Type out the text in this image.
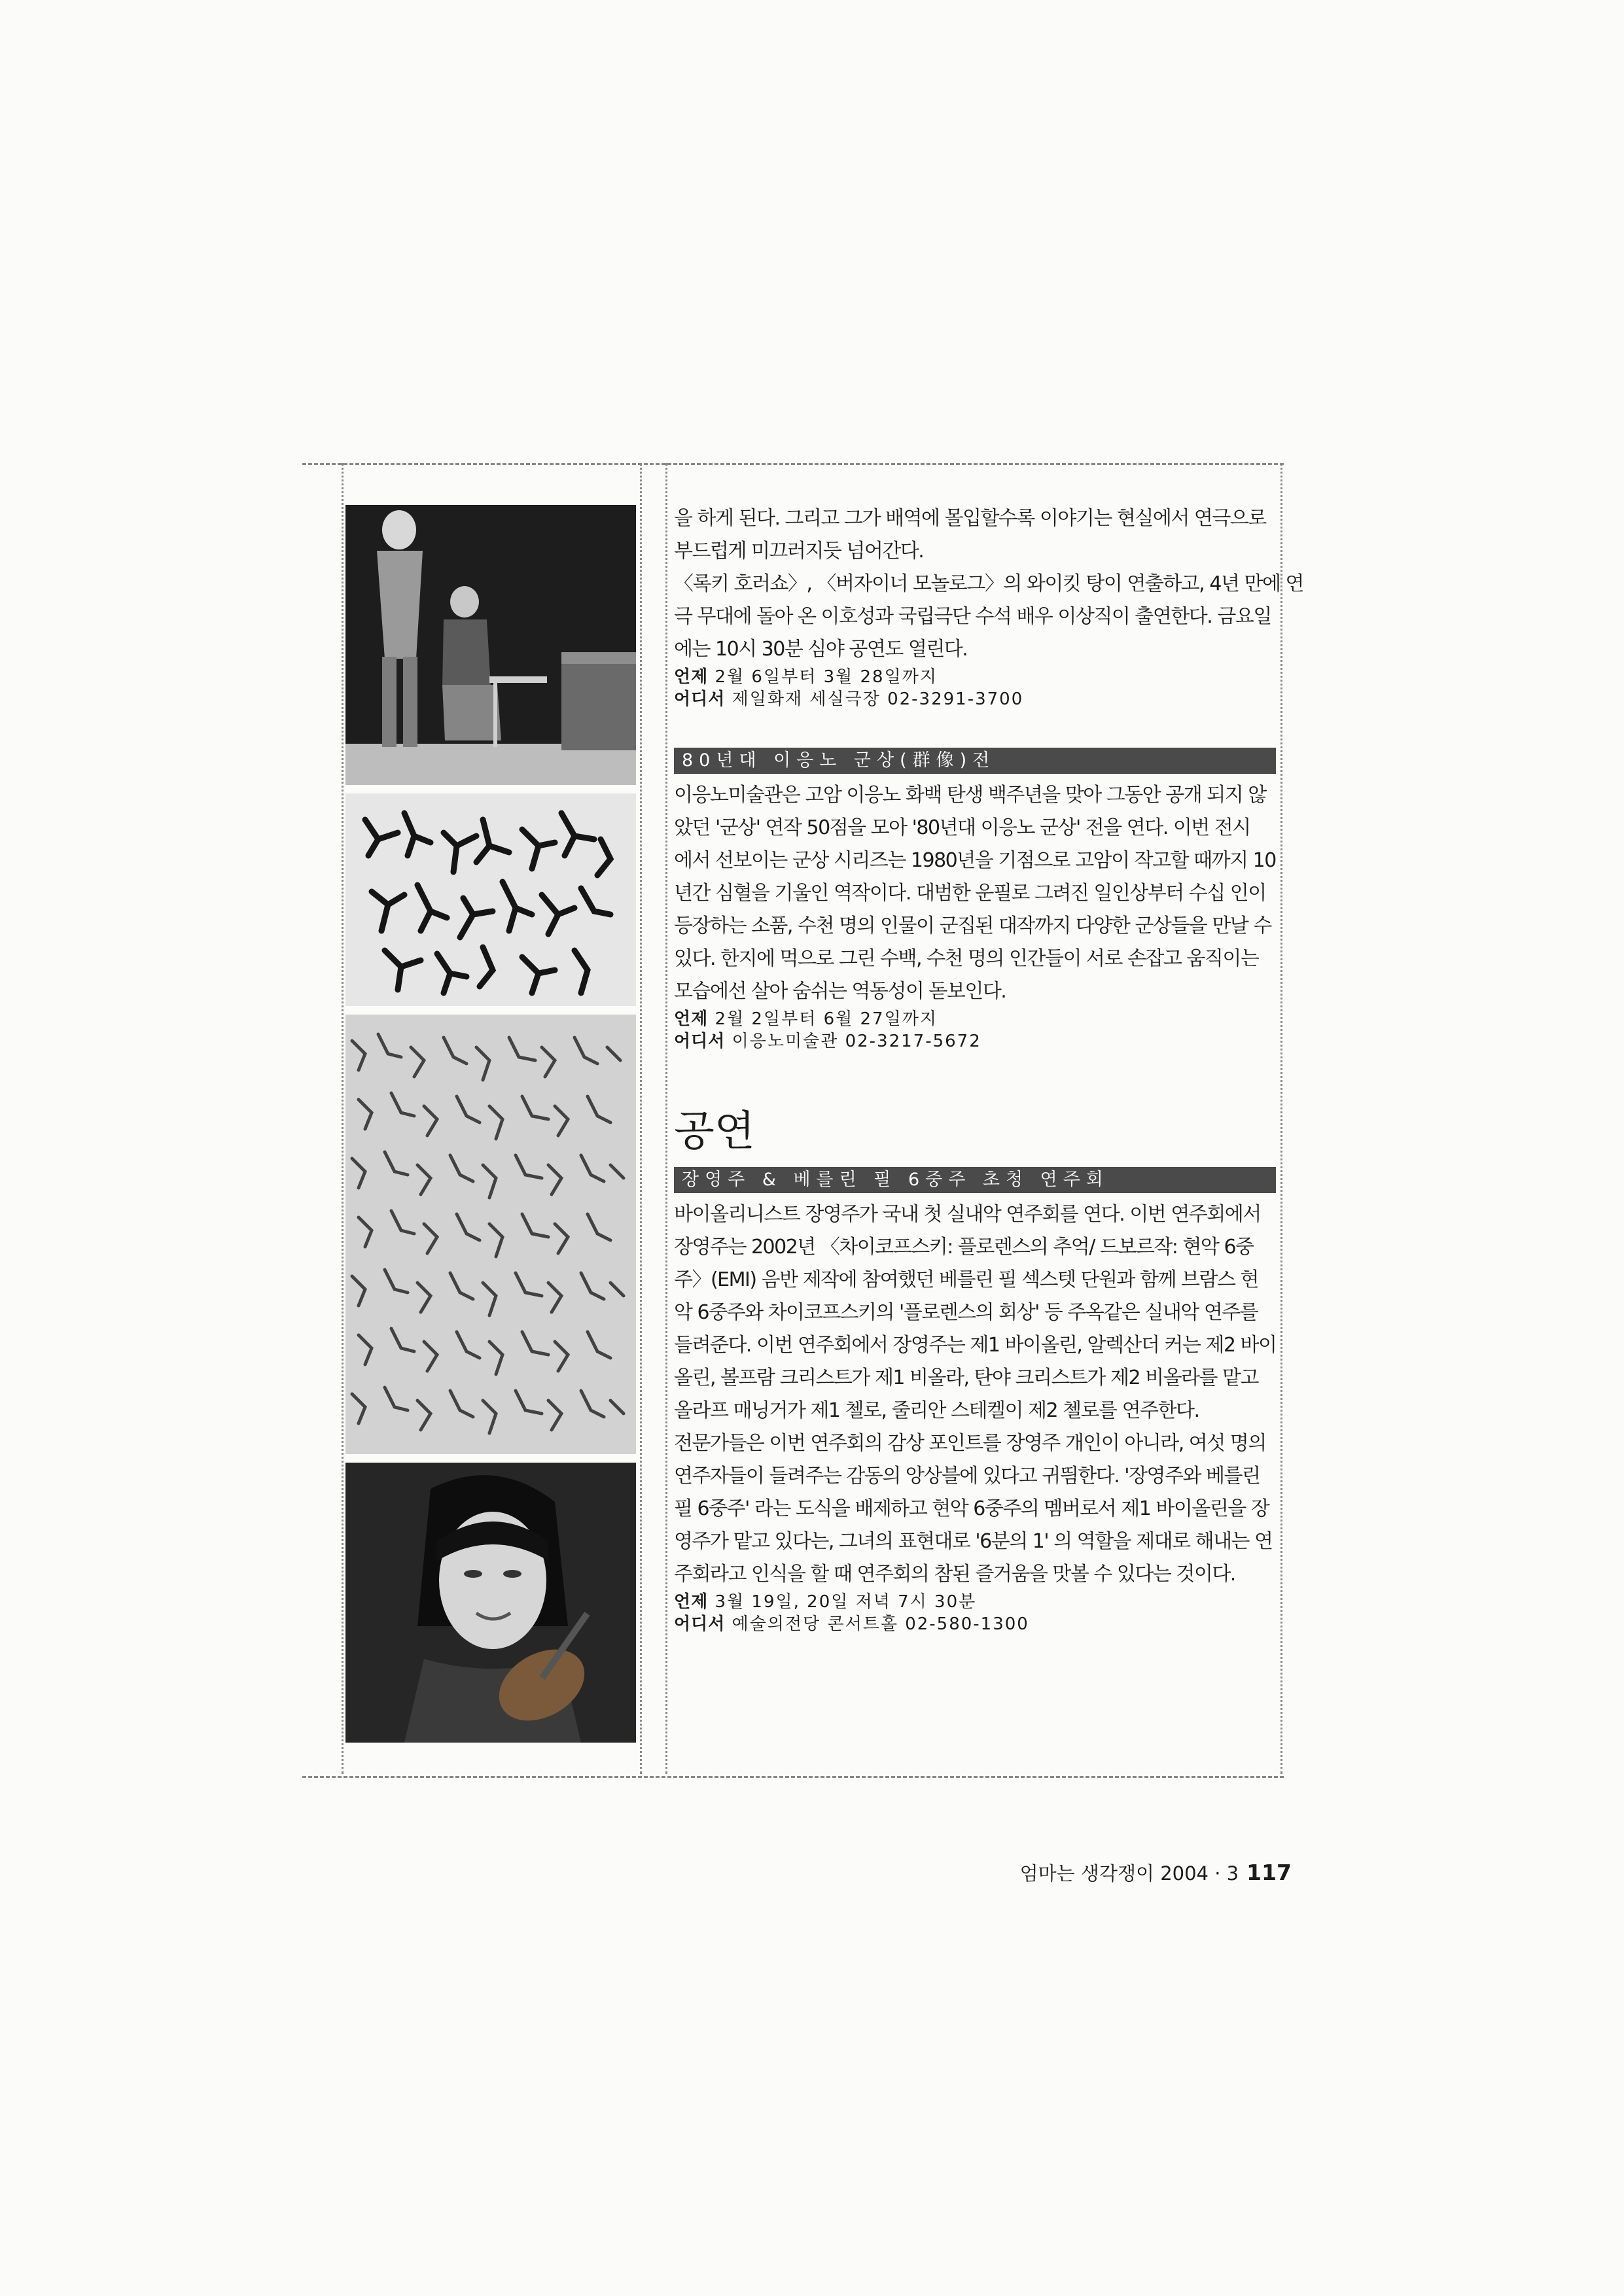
을 하게 된다. 그리고 그가 배역에 몰입할수록 이야기는 현실에서 연극으로

부드럽게 미끄러지듯 넘어간다.

〈록키 호러쇼〉, 〈버자이너 모놀로그〉의 와이킷 탕이 연출하고, 4년 만에 연

극 무대에 돌아 온 이호성과 국립극단 수석 배우 이상직이 출연한다. 금요일

에는 10시 30분 심야 공연도 열린다.

언제 2월 6일부터 3월 28일까지

어디서 제일화재 세실극장 02-3291-3700

80년대 이응노 군상(群像)전

이응노미술관은 고암 이응노 화백 탄생 백주년을 맞아 그동안 공개 되지 않

았던 '군상' 연작 50점을 모아 '80년대 이응노 군상' 전을 연다. 이번 전시

에서 선보이는 군상 시리즈는 1980년을 기점으로 고암이 작고할 때까지 10

년간 심혈을 기울인 역작이다. 대범한 운필로 그려진 일인상부터 수십 인이

등장하는 소품, 수천 명의 인물이 군집된 대작까지 다양한 군상들을 만날 수

있다. 한지에 먹으로 그린 수백, 수천 명의 인간들이 서로 손잡고 움직이는

모습에선 살아 숨쉬는 역동성이 돋보인다.

언제 2월 2일부터 6월 27일까지

어디서 이응노미술관 02-3217-5672

공연

장영주 & 베를린 필 6중주 초청 연주회

바이올리니스트 장영주가 국내 첫 실내악 연주회를 연다. 이번 연주회에서

장영주는 2002년 〈차이코프스키: 플로렌스의 추억/ 드보르작: 현악 6중

주〉(EMI) 음반 제작에 참여했던 베를린 필 섹스텟 단원과 함께 브람스 현

악 6중주와 차이코프스키의 '플로렌스의 회상' 등 주옥같은 실내악 연주를

들려준다. 이번 연주회에서 장영주는 제1 바이올린, 알렉산더 커는 제2 바이

올린, 볼프람 크리스트가 제1 비올라, 탄야 크리스트가 제2 비올라를 맡고

올라프 매닝거가 제1 첼로, 줄리안 스테켈이 제2 첼로를 연주한다.

전문가들은 이번 연주회의 감상 포인트를 장영주 개인이 아니라, 여섯 명의

연주자들이 들려주는 감동의 앙상블에 있다고 귀띔한다. '장영주와 베를린

필 6중주' 라는 도식을 배제하고 현악 6중주의 멤버로서 제1 바이올린을 장

영주가 맡고 있다는, 그녀의 표현대로 '6분의 1' 의 역할을 제대로 해내는 연

주회라고 인식을 할 때 연주회의 참된 즐거움을 맛볼 수 있다는 것이다.

언제 3월 19일, 20일 저녁 7시 30분

어디서 예술의전당 콘서트홀 02-580-1300

엄마는 생각쟁이 2004 · 3 117
